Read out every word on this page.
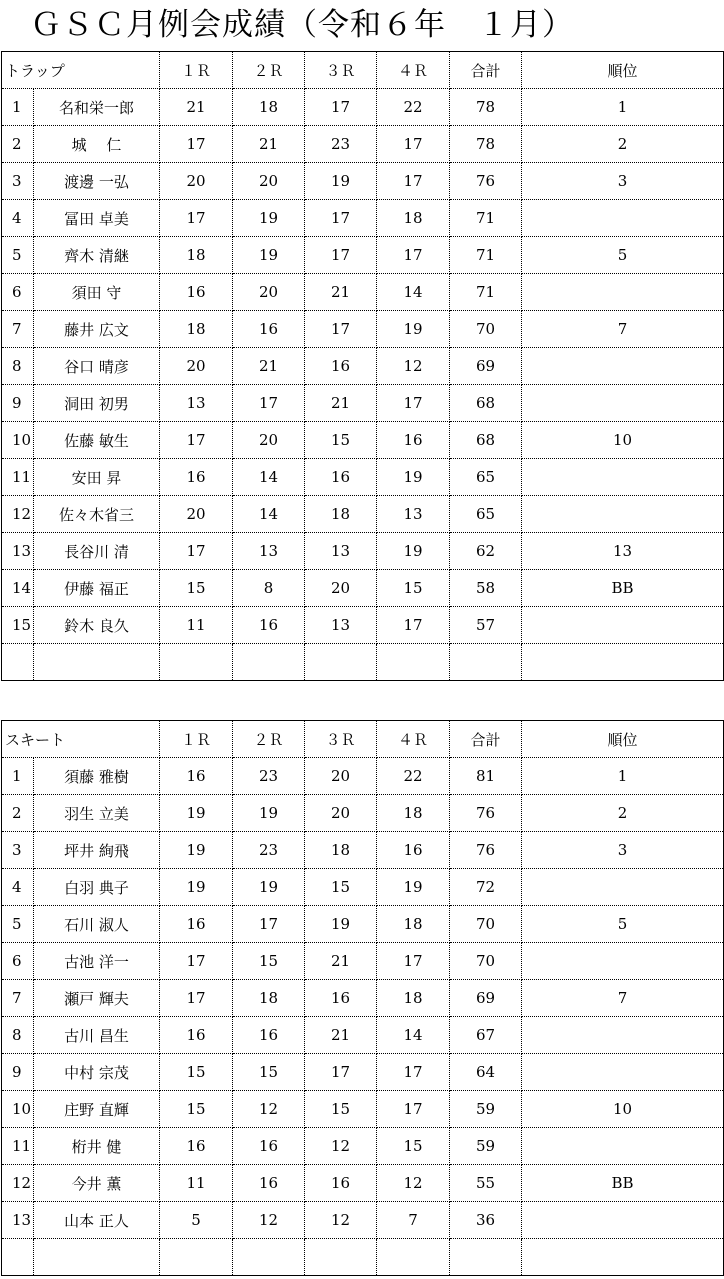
ＧＳＣ月例会成績（令和６年　１月）
トラップ		１Ｒ	２Ｒ	３Ｒ	４Ｒ	合計	順位
1	名和栄一郎	21	18	17	22	78	1
2	城　 仁	17	21	23	17	78	2
3	渡邊 一弘	20	20	19	17	76	3
4	冨田 卓美	17	19	17	18	71	
5	齊木 清継	18	19	17	17	71	5
6	須田 守	16	20	21	14	71	
7	藤井 広文	18	16	17	19	70	7
8	谷口 晴彦	20	21	16	12	69	
9	洞田 初男	13	17	21	17	68	
10	佐藤 敏生	17	20	15	16	68	10
11	安田 昇	16	14	16	19	65	
12	佐々木省三	20	14	18	13	65	
13	長谷川 清	17	13	13	19	62	13
14	伊藤 福正	15	8	20	15	58	BB
15	鈴木 良久	11	16	13	17	57	

スキート		１Ｒ	２Ｒ	３Ｒ	４Ｒ	合計	順位
1	須藤 雅樹	16	23	20	22	81	1
2	羽生 立美	19	19	20	18	76	2
3	坪井 絢飛	19	23	18	16	76	3
4	白羽 典子	19	19	15	19	72	
5	石川 淑人	16	17	19	18	70	5
6	古池 洋一	17	15	21	17	70	
7	瀬戸 輝夫	17	18	16	18	69	7
8	古川 昌生	16	16	21	14	67	
9	中村 宗茂	15	15	17	17	64	
10	庄野 直輝	15	12	15	17	59	10
11	桁井 健	16	16	12	15	59	
12	今井 薫	11	16	16	12	55	BB
13	山本 正人	5	12	12	7	36	
